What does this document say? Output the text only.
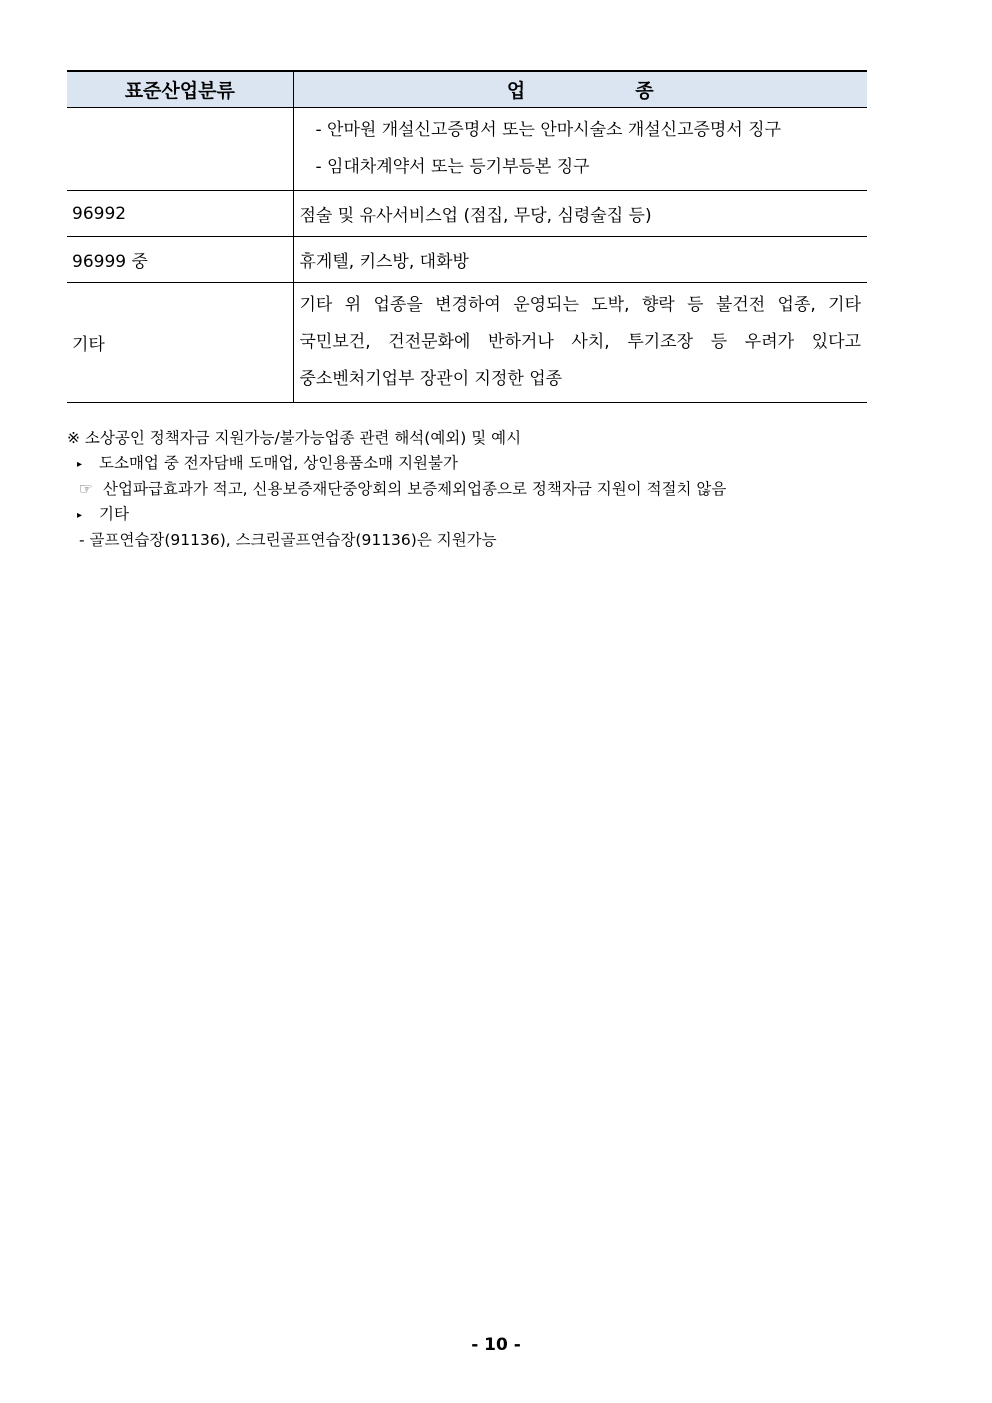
표준산업분류	업 종

	- 안마원 개설신고증명서 또는 안마시술소 개설신고증명서 징구
- 임대차계약서 또는 등기부등본 징구

96992	점술 및 유사서비스업 (점집, 무당, 심령술집 등)
96999 중	휴게텔, 키스방, 대화방
기타	기타 위 업종을 변경하여 운영되는 도박, 향락 등 불건전 업종, 기타
국민보건, 건전문화에 반하거나 사치, 투기조장 등 우려가 있다고
중소벤처기업부 장관이 지정한 업종
※ 소상공인 정책자금 지원가능/불가능업종 관련 해석(예외) 및 예시
▸ 도소매업 중 전자담배 도매업, 상인용품소매 지원불가
☞ 산업파급효과가 적고, 신용보증재단중앙회의 보증제외업종으로 정책자금 지원이 적절치 않음
▸ 기타
- 골프연습장(91136), 스크린골프연습장(91136)은 지원가능
- 10 -
